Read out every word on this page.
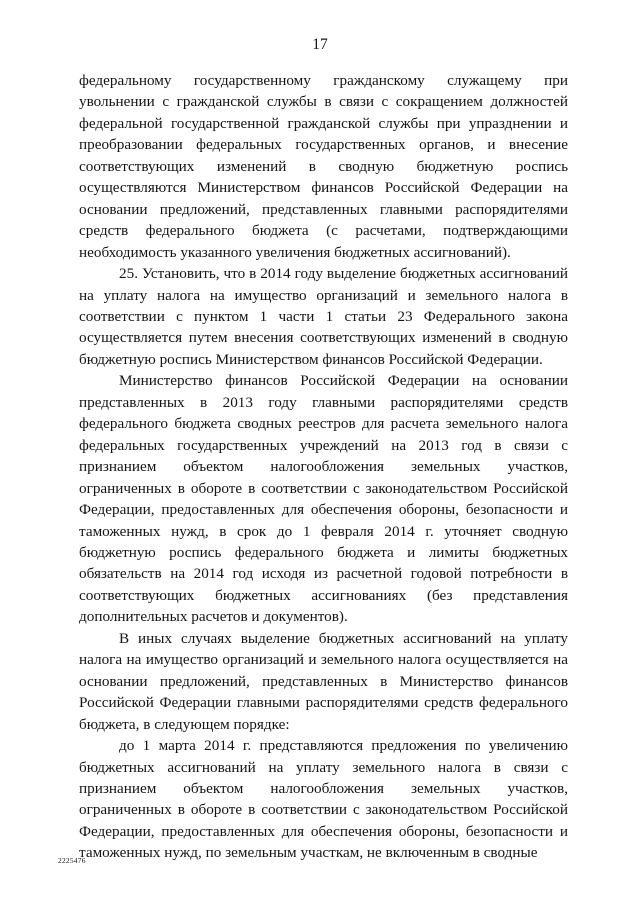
17

федеральному государственному гражданскому служащему при увольнении с гражданской службы в связи с сокращением должностей федеральной государственной гражданской службы при упразднении и преобразовании федеральных государственных органов, и внесение соответствующих изменений в сводную бюджетную роспись осуществляются Министерством финансов Российской Федерации на основании предложений, представленных главными распорядителями средств федерального бюджета (с расчетами, подтверждающими необходимость указанного увеличения бюджетных ассигнований).

25. Установить, что в 2014 году выделение бюджетных ассигнований на уплату налога на имущество организаций и земельного налога в соответствии с пунктом 1 части 1 статьи 23 Федерального закона осуществляется путем внесения соответствующих изменений в сводную бюджетную роспись Министерством финансов Российской Федерации.

Министерство финансов Российской Федерации на основании представленных в 2013 году главными распорядителями средств федерального бюджета сводных реестров для расчета земельного налога федеральных государственных учреждений на 2013 год в связи с признанием объектом налогообложения земельных участков, ограниченных в обороте в соответствии с законодательством Российской Федерации, предоставленных для обеспечения обороны, безопасности и таможенных нужд, в срок до 1 февраля 2014 г. уточняет сводную бюджетную роспись федерального бюджета и лимиты бюджетных обязательств на 2014 год исходя из расчетной годовой потребности в соответствующих бюджетных ассигнованиях (без представления дополнительных расчетов и документов).

В иных случаях выделение бюджетных ассигнований на уплату налога на имущество организаций и земельного налога осуществляется на основании предложений, представленных в Министерство финансов Российской Федерации главными распорядителями средств федерального бюджета, в следующем порядке:

до 1 марта 2014 г. представляются предложения по увеличению бюджетных ассигнований на уплату земельного налога в связи с признанием объектом налогообложения земельных участков, ограниченных в обороте в соответствии с законодательством Российской Федерации, предоставленных для обеспечения обороны, безопасности и таможенных нужд, по земельным участкам, не включенным в сводные

2225476
